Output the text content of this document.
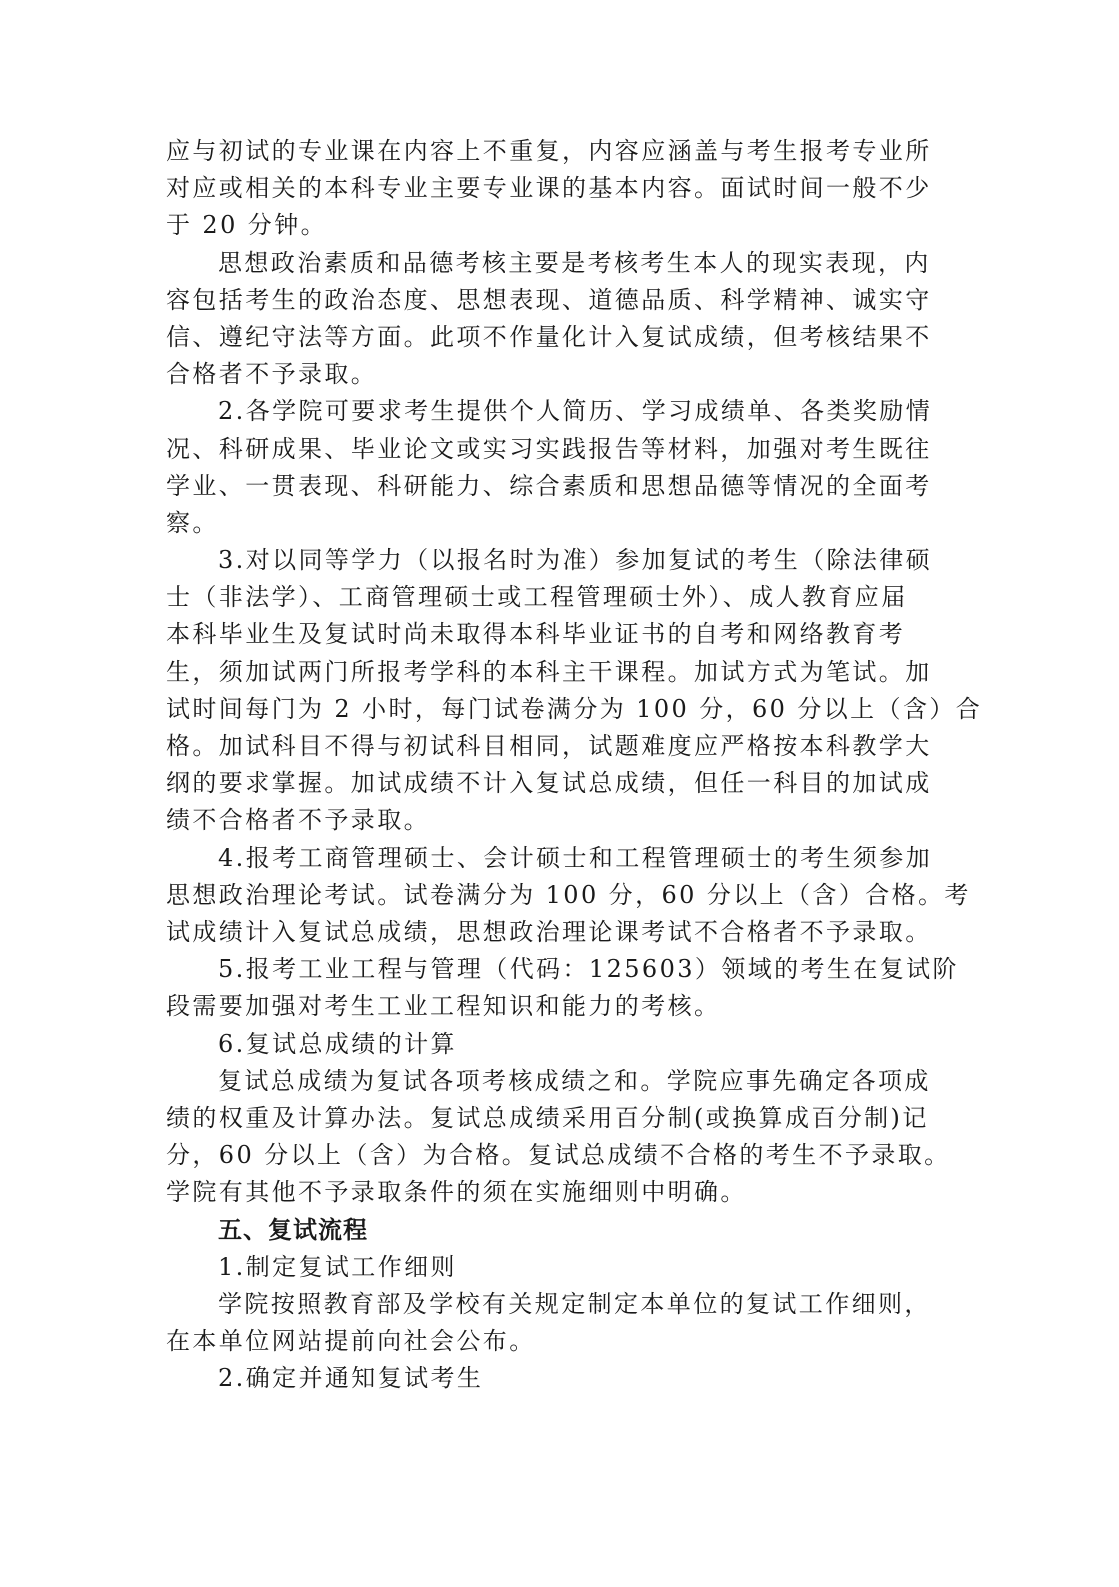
应与初试的专业课在内容上不重复，内容应涵盖与考生报考专业所
对应或相关的本科专业主要专业课的基本内容。面试时间一般不少
于 20 分钟。
思想政治素质和品德考核主要是考核考生本人的现实表现，内
容包括考生的政治态度、思想表现、道德品质、科学精神、诚实守
信、遵纪守法等方面。此项不作量化计入复试成绩，但考核结果不
合格者不予录取。
2.各学院可要求考生提供个人简历、学习成绩单、各类奖励情
况、科研成果、毕业论文或实习实践报告等材料，加强对考生既往
学业、一贯表现、科研能力、综合素质和思想品德等情况的全面考
察。
3.对以同等学力（以报名时为准）参加复试的考生（除法律硕
士（非法学）、工商管理硕士或工程管理硕士外）、成人教育应届
本科毕业生及复试时尚未取得本科毕业证书的自考和网络教育考
生，须加试两门所报考学科的本科主干课程。加试方式为笔试。加
试时间每门为 2 小时，每门试卷满分为 100 分，60 分以上（含）合
格。加试科目不得与初试科目相同，试题难度应严格按本科教学大
纲的要求掌握。加试成绩不计入复试总成绩，但任一科目的加试成
绩不合格者不予录取。
4.报考工商管理硕士、会计硕士和工程管理硕士的考生须参加
思想政治理论考试。试卷满分为 100 分，60 分以上（含）合格。考
试成绩计入复试总成绩，思想政治理论课考试不合格者不予录取。
5.报考工业工程与管理（代码：125603）领域的考生在复试阶
段需要加强对考生工业工程知识和能力的考核。
6.复试总成绩的计算
复试总成绩为复试各项考核成绩之和。学院应事先确定各项成
绩的权重及计算办法。复试总成绩采用百分制(或换算成百分制)记
分，60 分以上（含）为合格。复试总成绩不合格的考生不予录取。
学院有其他不予录取条件的须在实施细则中明确。
五、复试流程
1.制定复试工作细则
学院按照教育部及学校有关规定制定本单位的复试工作细则，
在本单位网站提前向社会公布。
2.确定并通知复试考生
